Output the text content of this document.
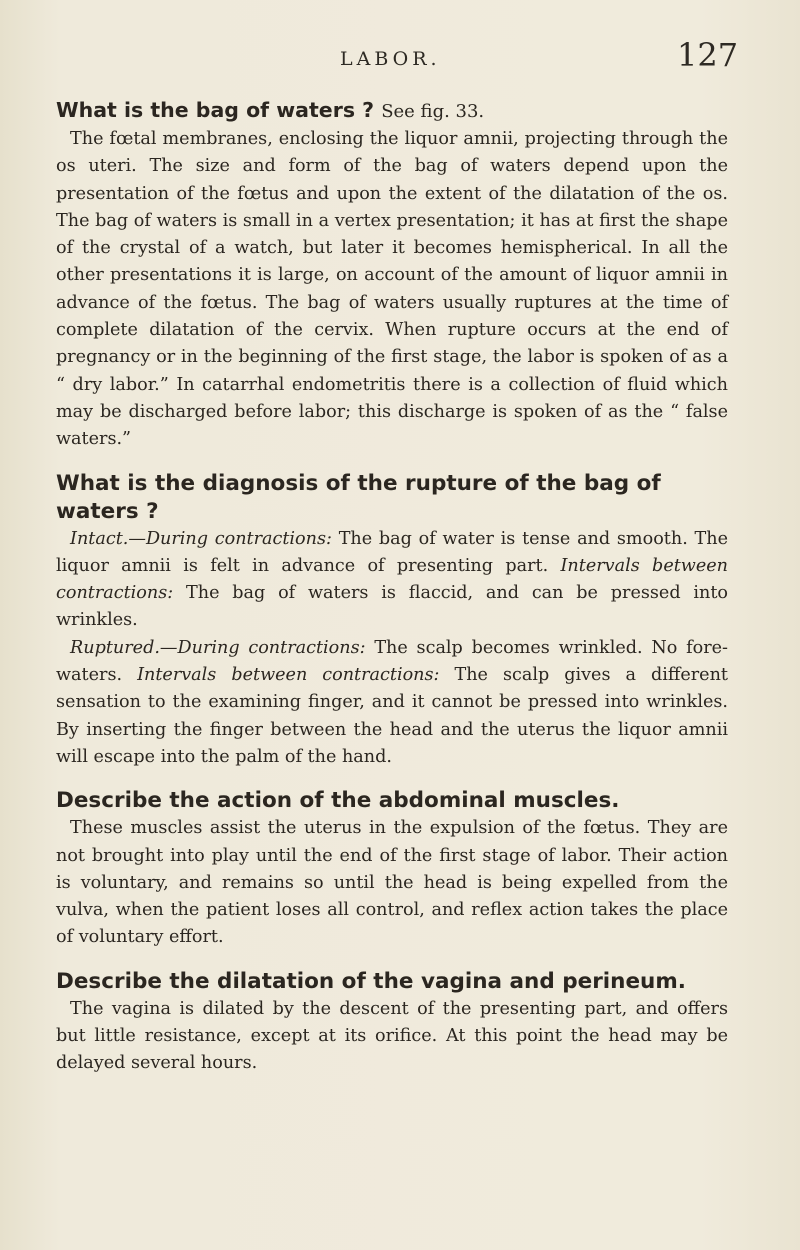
LABOR.	127
What is the bag of waters ? See fig. 33.

The fœtal membranes, enclosing the liquor amnii, projecting through the os uteri. The size and form of the bag of waters depend upon the presentation of the fœtus and upon the extent of the dilatation of the os. The bag of waters is small in a vertex presentation; it has at first the shape of the crystal of a watch, but later it becomes hemispherical. In all the other presentations it is large, on account of the amount of liquor amnii in advance of the fœtus. The bag of waters usually ruptures at the time of complete dilatation of the cervix. When rupture occurs at the end of pregnancy or in the beginning of the first stage, the labor is spoken of as a “ dry labor.” In catarrhal endometritis there is a collection of fluid which may be discharged before labor; this discharge is spoken of as the “ false waters.”

What is the diagnosis of the rupture of the bag of waters ?

Intact.—During contractions: The bag of water is tense and smooth. The liquor amnii is felt in advance of presenting part. Intervals between contractions: The bag of waters is flaccid, and can be pressed into wrinkles.

Ruptured.—During contractions: The scalp becomes wrinkled. No fore-waters. Intervals between contractions: The scalp gives a different sensation to the examining finger, and it cannot be pressed into wrinkles. By inserting the finger between the head and the uterus the liquor amnii will escape into the palm of the hand.

Describe the action of the abdominal muscles.

These muscles assist the uterus in the expulsion of the fœtus. They are not brought into play until the end of the first stage of labor. Their action is voluntary, and remains so until the head is being expelled from the vulva, when the patient loses all control, and reflex action takes the place of voluntary effort.

Describe the dilatation of the vagina and perineum.

The vagina is dilated by the descent of the presenting part, and offers but little resistance, except at its orifice. At this point the head may be delayed several hours.
